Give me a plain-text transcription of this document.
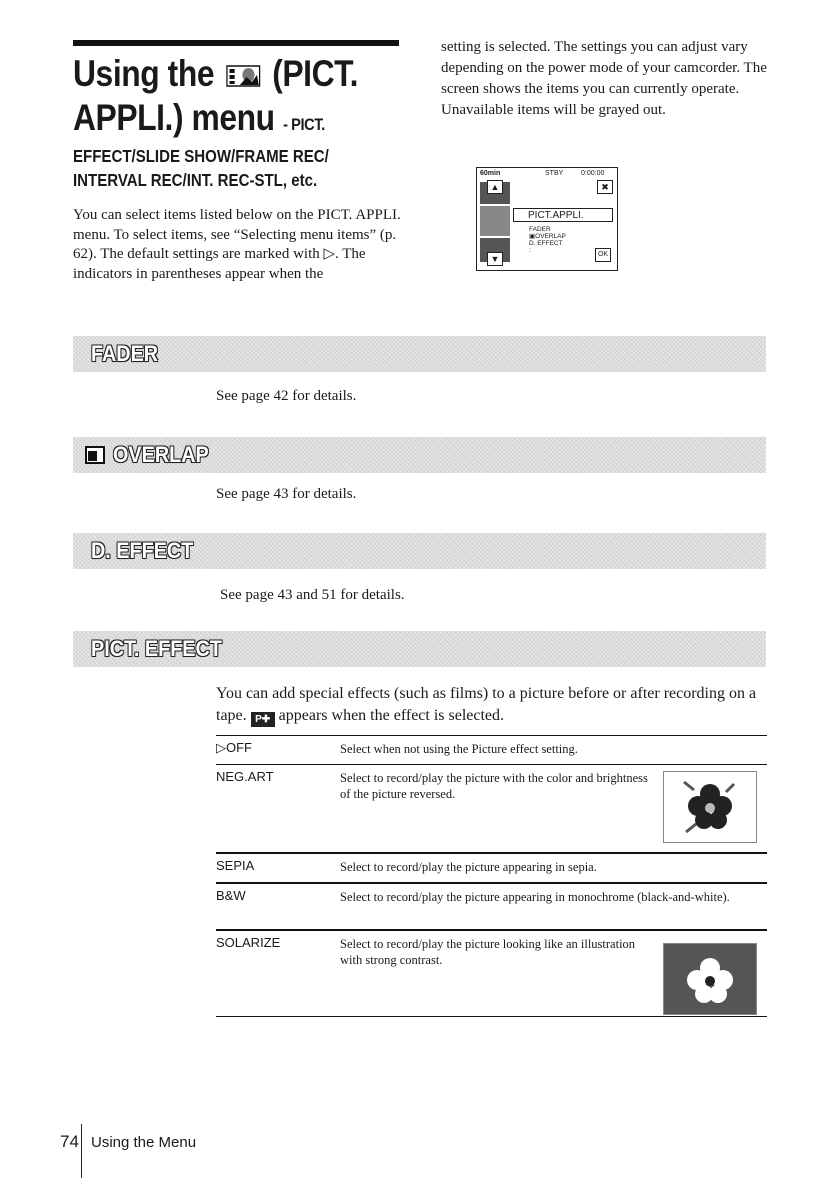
Using the (PICT.
APPLI.) menu - PICT.
EFFECT/SLIDE SHOW/FRAME REC/
INTERVAL REC/INT. REC-STL, etc.
You can select items listed below on the PICT. APPLI. menu. To select items, see “Selecting menu items” (p. 62). The default settings are marked with ▷. The indicators in parentheses appear when the
setting is selected. The settings you can adjust vary depending on the power mode of your camcorder. The screen shows the items you can currently operate. Unavailable items will be grayed out.
60min	STBY	0:00:00
▲	✖
PICT.APPLI.
FADER
▣OVERLAP
D. EFFECT
:
▼	OK
FADER
See page 42 for details.
OVERLAP
See page 43 for details.
D. EFFECT
See page 43 and 51 for details.
PICT. EFFECT
You can add special effects (such as films) to a picture before or after recording on a tape. P✚ appears when the effect is selected.
▷OFF	Select when not using the Picture effect setting.
NEG.ART	Select to record/play the picture with the color and brightness of the picture reversed.
SEPIA	Select to record/play the picture appearing in sepia.
B&W	Select to record/play the picture appearing in monochrome (black-and-white).
SOLARIZE	Select to record/play the picture looking like an illustration with strong contrast.
74 Using the Menu
